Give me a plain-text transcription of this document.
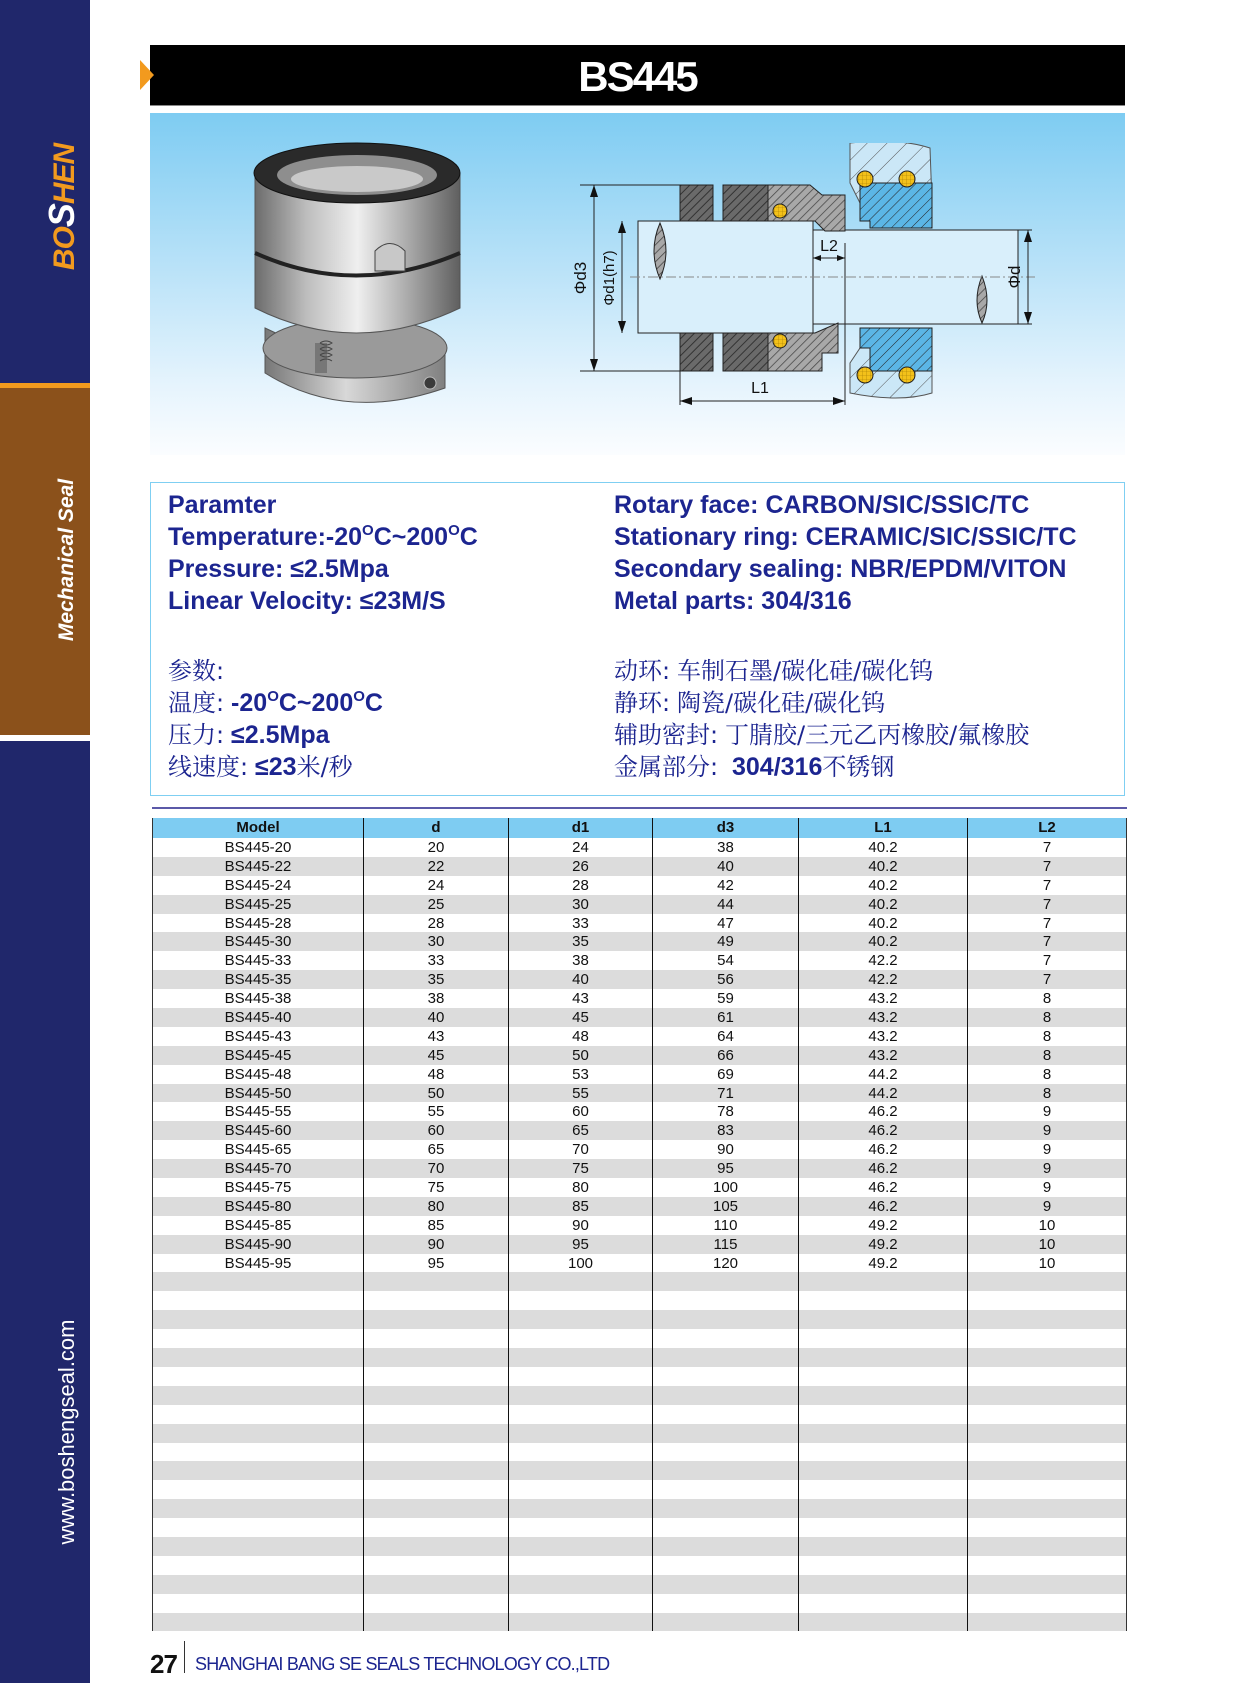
BOSHEN
Mechanical Seal
www.boshengseal.com
BS445
Φd3 Φd1(h7)	Φd
L1
L2
Paramter
$Temperature:-20^OC\sim 200^OC$
Pressure: ≤2.5Mpa
Linear Velocity: ≤23M/S
Rotary face: CARBON/SIC/SSIC/TC
Stationary ring: CERAMIC/SIC/SSIC/TC
Secondary sealing: NBR/EPDM/VITON
Metal parts: 304/316
参数:
温度: $-20^OC\sim 200^OC$
压力: ≤2.5Mpa
线速度: ≤23米/秒
动环: 车制石墨/碳化硅/碳化钨
静环: 陶瓷/碳化硅/碳化钨
辅助密封: 丁腈胶/三元乙丙橡胶/氟橡胶
金属部分: 304/316不锈钢
Model	d	d1	d3	L1	L2
BS445-20	20	24	38	40.2	7
BS445-22	22	26	40	40.2	7
BS445-24	24	28	42	40.2	7
BS445-25	25	30	44	40.2	7
BS445-28	28	33	47	40.2	7
BS445-30	30	35	49	40.2	7
BS445-33	33	38	54	42.2	7
BS445-35	35	40	56	42.2	7
BS445-38	38	43	59	43.2	8
BS445-40	40	45	61	43.2	8
BS445-43	43	48	64	43.2	8
BS445-45	45	50	66	43.2	8
BS445-48	48	53	69	44.2	8
BS445-50	50	55	71	44.2	8
BS445-55	55	60	78	46.2	9
BS445-60	60	65	83	46.2	9
BS445-65	65	70	90	46.2	9
BS445-70	70	75	95	46.2	9
BS445-75	75	80	100	46.2	9
BS445-80	80	85	105	46.2	9
BS445-85	85	90	110	49.2	10
BS445-90	90	95	115	49.2	10
BS445-95	95	100	120	49.2	10
27 SHANGHAI BANG SE SEALS TECHNOLOGY CO.,LTD
